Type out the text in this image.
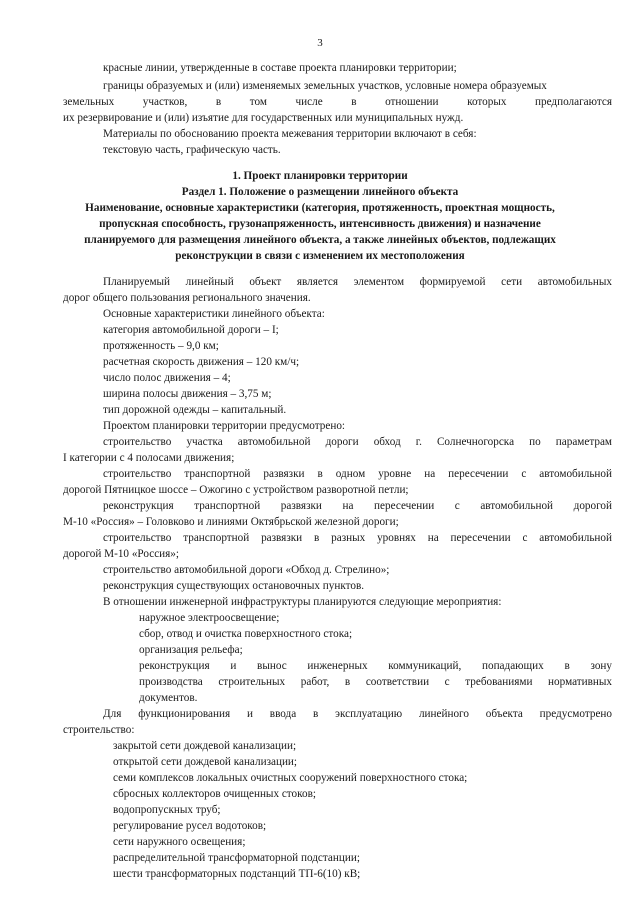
3
красные линии, утвержденные в составе проекта планировки территории;
границы образуемых и (или) изменяемых земельных участков, условные номера образуемых
земельных участков, в том числе в отношении которых предполагаются
их резервирование и (или) изъятие для государственных или муниципальных нужд.
Материалы по обоснованию проекта межевания территории включают в себя:
текстовую часть, графическую часть.
1. Проект планировки территории
Раздел 1. Положение о размещении линейного объекта
Наименование, основные характеристики (категория, протяженность, проектная мощность,
пропускная способность, грузонапряженность, интенсивность движения) и назначение
планируемого для размещения линейного объекта, а также линейных объектов, подлежащих
реконструкции в связи с изменением их местоположения
Планируемый линейный объект является элементом формируемой сети автомобильных
дорог общего пользования регионального значения.
Основные характеристики линейного объекта:
категория автомобильной дороги – I;
протяженность – 9,0 км;
расчетная скорость движения – 120 км/ч;
число полос движения – 4;
ширина полосы движения – 3,75 м;
тип дорожной одежды – капитальный.
Проектом планировки территории предусмотрено:
строительство участка автомобильной дороги обход г. Солнечногорска по параметрам
I категории с 4 полосами движения;
строительство транспортной развязки в одном уровне на пересечении с автомобильной
дорогой Пятницкое шоссе – Ожогино с устройством разворотной петли;
реконструкция транспортной развязки на пересечении с автомобильной дорогой
М-10 «Россия» – Головково и линиями Октябрьской железной дороги;
строительство транспортной развязки в разных уровнях на пересечении с автомобильной
дорогой М-10 «Россия»;
строительство автомобильной дороги «Обход д. Стрелино»;
реконструкция существующих остановочных пунктов.
В отношении инженерной инфраструктуры планируются следующие мероприятия:
наружное электроосвещение;
сбор, отвод и очистка поверхностного стока;
организация рельефа;
реконструкция и вынос инженерных коммуникаций, попадающих в зону
производства строительных работ, в соответствии с требованиями нормативных
документов.
Для функционирования и ввода в эксплуатацию линейного объекта предусмотрено
строительство:
закрытой сети дождевой канализации;
открытой сети дождевой канализации;
семи комплексов локальных очистных сооружений поверхностного стока;
сбросных коллекторов очищенных стоков;
водопропускных труб;
регулирование русел водотоков;
сети наружного освещения;
распределительной трансформаторной подстанции;
шести трансформаторных подстанций ТП-6(10) кВ;
